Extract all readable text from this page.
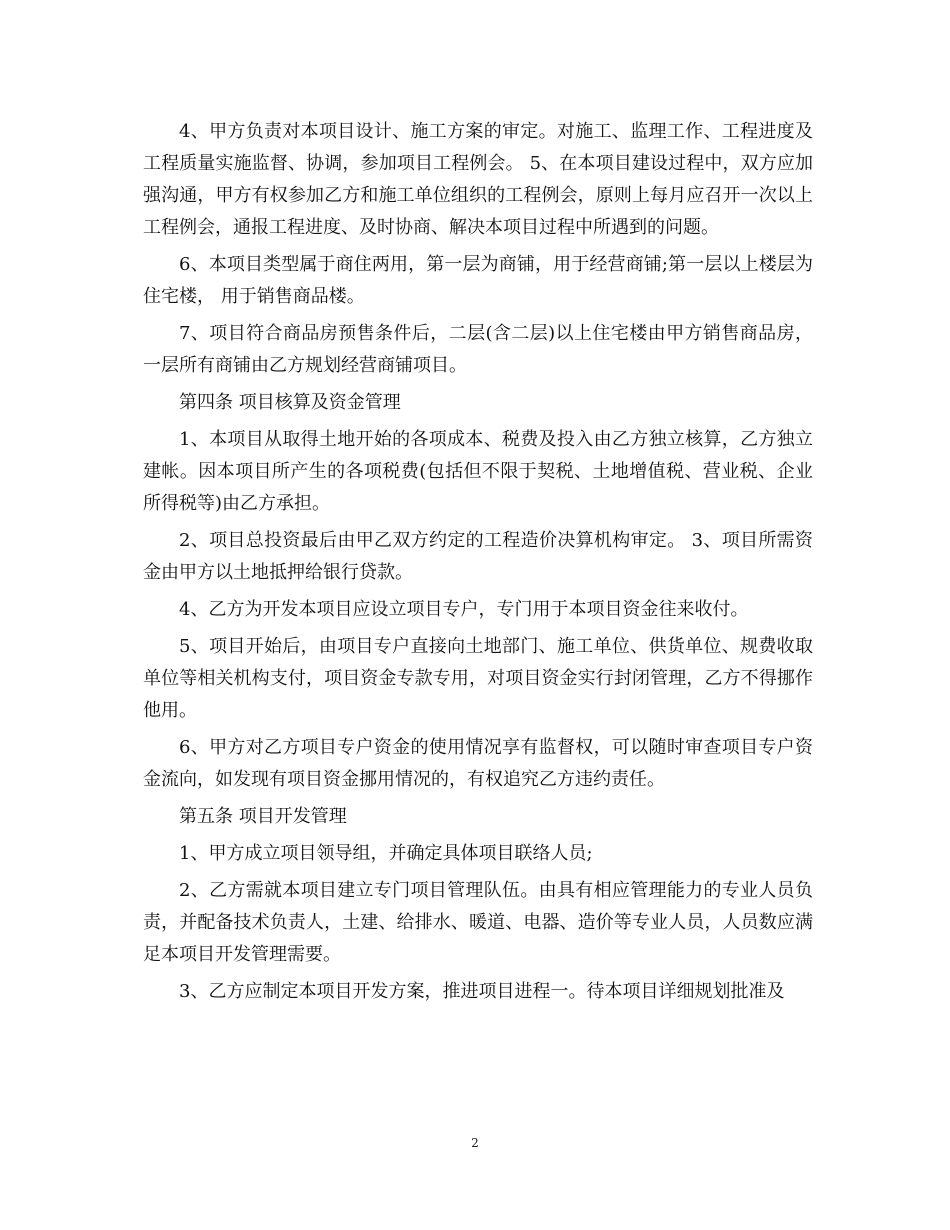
4、甲方负责对本项目设计、施工方案的审定。对施工、监理工作、工程进度及工程质量实施监督、协调，参加项目工程例会。 5、在本项目建设过程中，双方应加强沟通，甲方有权参加乙方和施工单位组织的工程例会，原则上每月应召开一次以上工程例会，通报工程进度、及时协商、解决本项目过程中所遇到的问题。

6、本项目类型属于商住两用，第一层为商铺，用于经营商铺;第一层以上楼层为住宅楼， 用于销售商品楼。

7、项目符合商品房预售条件后，二层(含二层)以上住宅楼由甲方销售商品房，一层所有商铺由乙方规划经营商铺项目。

第四条 项目核算及资金管理

1、本项目从取得土地开始的各项成本、税费及投入由乙方独立核算，乙方独立建帐。因本项目所产生的各项税费(包括但不限于契税、土地增值税、营业税、企业所得税等)由乙方承担。

2、项目总投资最后由甲乙双方约定的工程造价决算机构审定。 3、项目所需资金由甲方以土地抵押给银行贷款。

4、乙方为开发本项目应设立项目专户，专门用于本项目资金往来收付。

5、项目开始后，由项目专户直接向土地部门、施工单位、供货单位、规费收取单位等相关机构支付，项目资金专款专用，对项目资金实行封闭管理，乙方不得挪作他用。

6、甲方对乙方项目专户资金的使用情况享有监督权，可以随时审查项目专户资金流向，如发现有项目资金挪用情况的，有权追究乙方违约责任。

第五条 项目开发管理

1、甲方成立项目领导组，并确定具体项目联络人员;

2、乙方需就本项目建立专门项目管理队伍。由具有相应管理能力的专业人员负责，并配备技术负责人，土建、给排水、暖道、电器、造价等专业人员，人员数应满足本项目开发管理需要。

3、乙方应制定本项目开发方案，推进项目进程一。待本项目详细规划批准及

2
